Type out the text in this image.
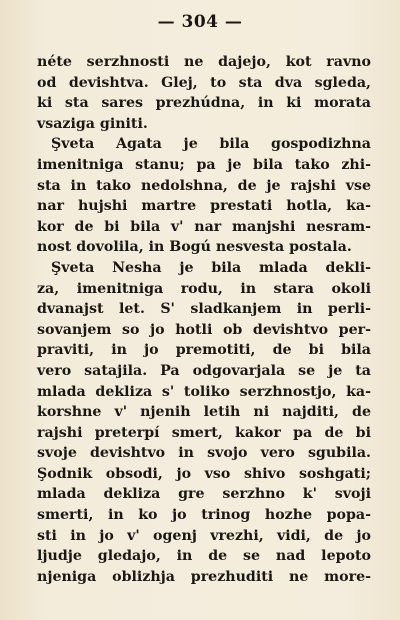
— 304 —
néte serzhnosti ne dajejo, kot ravno
od devishtva. Glej, to sta dva sgleda,
ki sta sares prezhúdna, in ki morata
vsaziga giniti.
Şveta Agata je bila gospodizhna
imenitniga stanu; pa je bila tako zhi-
sta in tako nedolshna, de je rajshi vse
nar hujshi martre prestati hotla, ka-
kor de bi bila v' nar manjshi nesram-
nost dovolila, in Bogú nesvesta postala.
Şveta Nesha je bila mlada dekli-
za, imenitniga rodu, in stara okoli
dvanajst let. S' sladkanjem in perli-
sovanjem so jo hotli ob devishtvo per-
praviti, in jo premotiti, de bi bila
vero satajila. Pa odgovarjala se je ta
mlada dekliza s' toliko serzhnostjo, ka-
korshne v' njenih letih ni najditi, de
rajshi preterpí smert, kakor pa de bi
svoje devishtvo in svojo vero sgubila.
Şodnik obsodi, jo vso shivo soshgati;
mlada dekliza gre serzhno k' svoji
smerti, in ko jo trinog hozhe popa-
sti in jo v' ogenj vrezhi, vidi, de jo
ljudje gledajo, in de se nad lepoto
njeniga oblizhja prezhuditi ne more-
